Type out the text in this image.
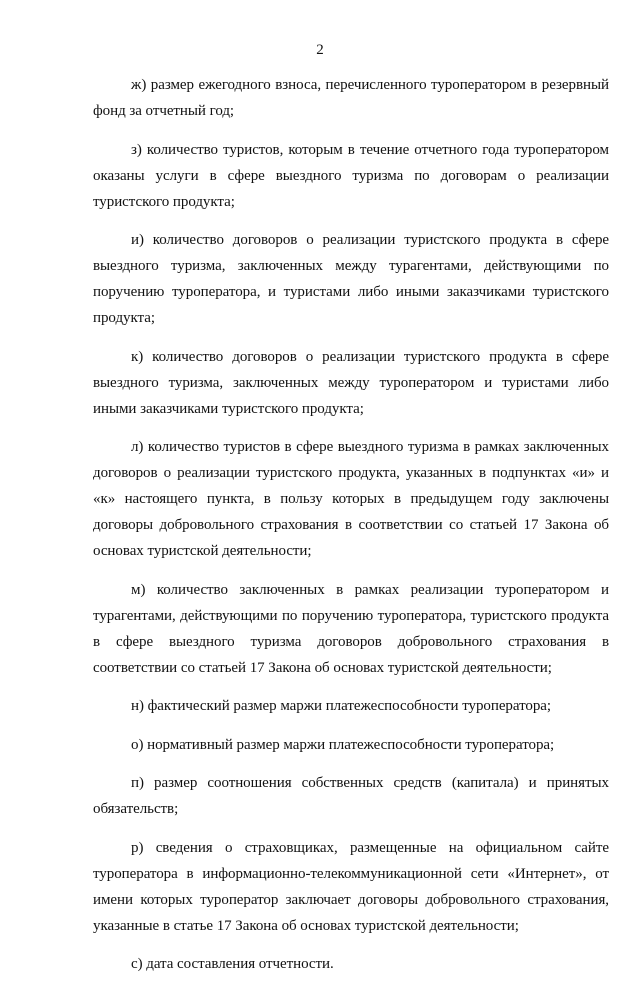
2

ж) размер ежегодного взноса, перечисленного туроператором в резервный фонд за отчетный год;

з) количество туристов, которым в течение отчетного года туроператором оказаны услуги в сфере выездного туризма по договорам о реализации туристского продукта;

и) количество договоров о реализации туристского продукта в сфере выездного туризма, заключенных между турагентами, действующими по поручению туроператора, и туристами либо иными заказчиками туристского продукта;

к) количество договоров о реализации туристского продукта в сфере выездного туризма, заключенных между туроператором и туристами либо иными заказчиками туристского продукта;

л) количество туристов в сфере выездного туризма в рамках заключенных договоров о реализации туристского продукта, указанных в подпунктах «и» и «к» настоящего пункта, в пользу которых в предыдущем году заключены договоры добровольного страхования в соответствии со статьей 17 Закона об основах туристской деятельности;

м) количество заключенных в рамках реализации туроператором и турагентами, действующими по поручению туроператора, туристского продукта в сфере выездного туризма договоров добровольного страхования в соответствии со статьей 17 Закона об основах туристской деятельности;

н) фактический размер маржи платежеспособности туроператора;

о) нормативный размер маржи платежеспособности туроператора;

п) размер соотношения собственных средств (капитала) и принятых обязательств;

р) сведения о страховщиках, размещенные на официальном сайте туроператора в информационно-телекоммуникационной сети «Интернет», от имени которых туроператор заключает договоры добровольного страхования, указанные в статье 17 Закона об основах туристской деятельности;

с) дата составления отчетности.
